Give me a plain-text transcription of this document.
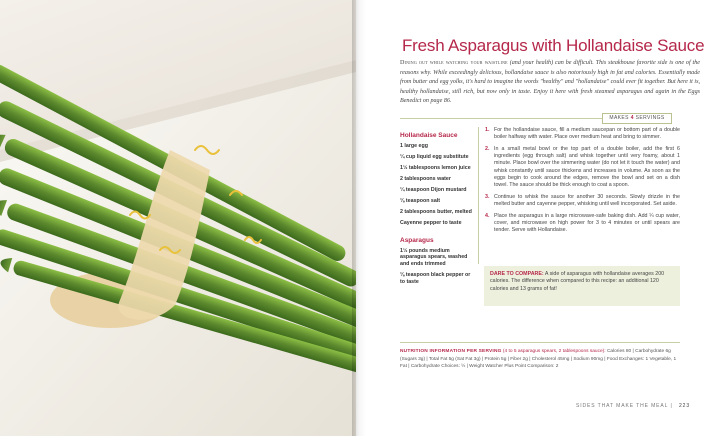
Fresh Asparagus with Hollandaise Sauce
Dining out while watching your waistline (and your health) can be difficult. This steakhouse favorite side is one of the reasons why. While exceedingly delicious, hollandaise sauce is also notoriously high in fat and calories. Essentially made from butter and egg yolks, it's hard to imagine the words "healthy" and "hollandaise" could ever fit together. But here it is, healthy hollandaise, still rich, but now only in taste. Enjoy it here with fresh steamed asparagus and again in the Eggs Benedict on page 86.
MAKES 4 SERVINGS
Hollandaise Sauce
1 large egg
¼ cup liquid egg substitute
1½ tablespoons lemon juice
2 tablespoons water
¼ teaspoon Dijon mustard
⅛ teaspoon salt
2 tablespoons butter, melted
Cayenne pepper to taste
Asparagus
1½ pounds medium asparagus spears, washed and ends trimmed
⅛ teaspoon black pepper or to taste
1. For the hollandaise sauce, fill a medium saucepan or bottom part of a double boiler halfway with water. Place over medium heat and bring to simmer.
2. In a small metal bowl or the top part of a double boiler, add the first 6 ingredients (egg through salt) and whisk together until very foamy, about 1 minute. Place bowl over the simmering water (do not let it touch the water) and whisk constantly until sauce thickens and increases in volume. As soon as the eggs begin to cook around the edges, remove the bowl and set on a dish towel. The sauce should be thick enough to coat a spoon.
3. Continue to whisk the sauce for another 30 seconds. Slowly drizzle in the melted butter and cayenne pepper, whisking until well incorporated. Set aside.
4. Place the asparagus in a large microwave-safe baking dish. Add ¼ cup water, cover, and microwave on high power for 3 to 4 minutes or until spears are tender. Serve with Hollandaise.
DARE TO COMPARE: A side of asparagus with hollandaise averages 200 calories. The difference when compared to this recipe: an additional 120 calories and 13 grams of fat!
NUTRITION INFORMATION PER SERVING (4 to 5 asparagus spears, 2 tablespoons sauce): Calories 80 | Carbohydrate 6g (Sugars 3g) | Total Fat 5g (Sat Fat 3g) | Protein 5g | Fiber 2g | Cholesterol 45mg | Sodium 90mg | Food Exchanges: 1 Vegetable, 1 Fat | Carbohydrate Choices: ½ | Weight Watcher Plus Point Comparison: 2
SIDES THAT MAKE THE MEAL | 223
